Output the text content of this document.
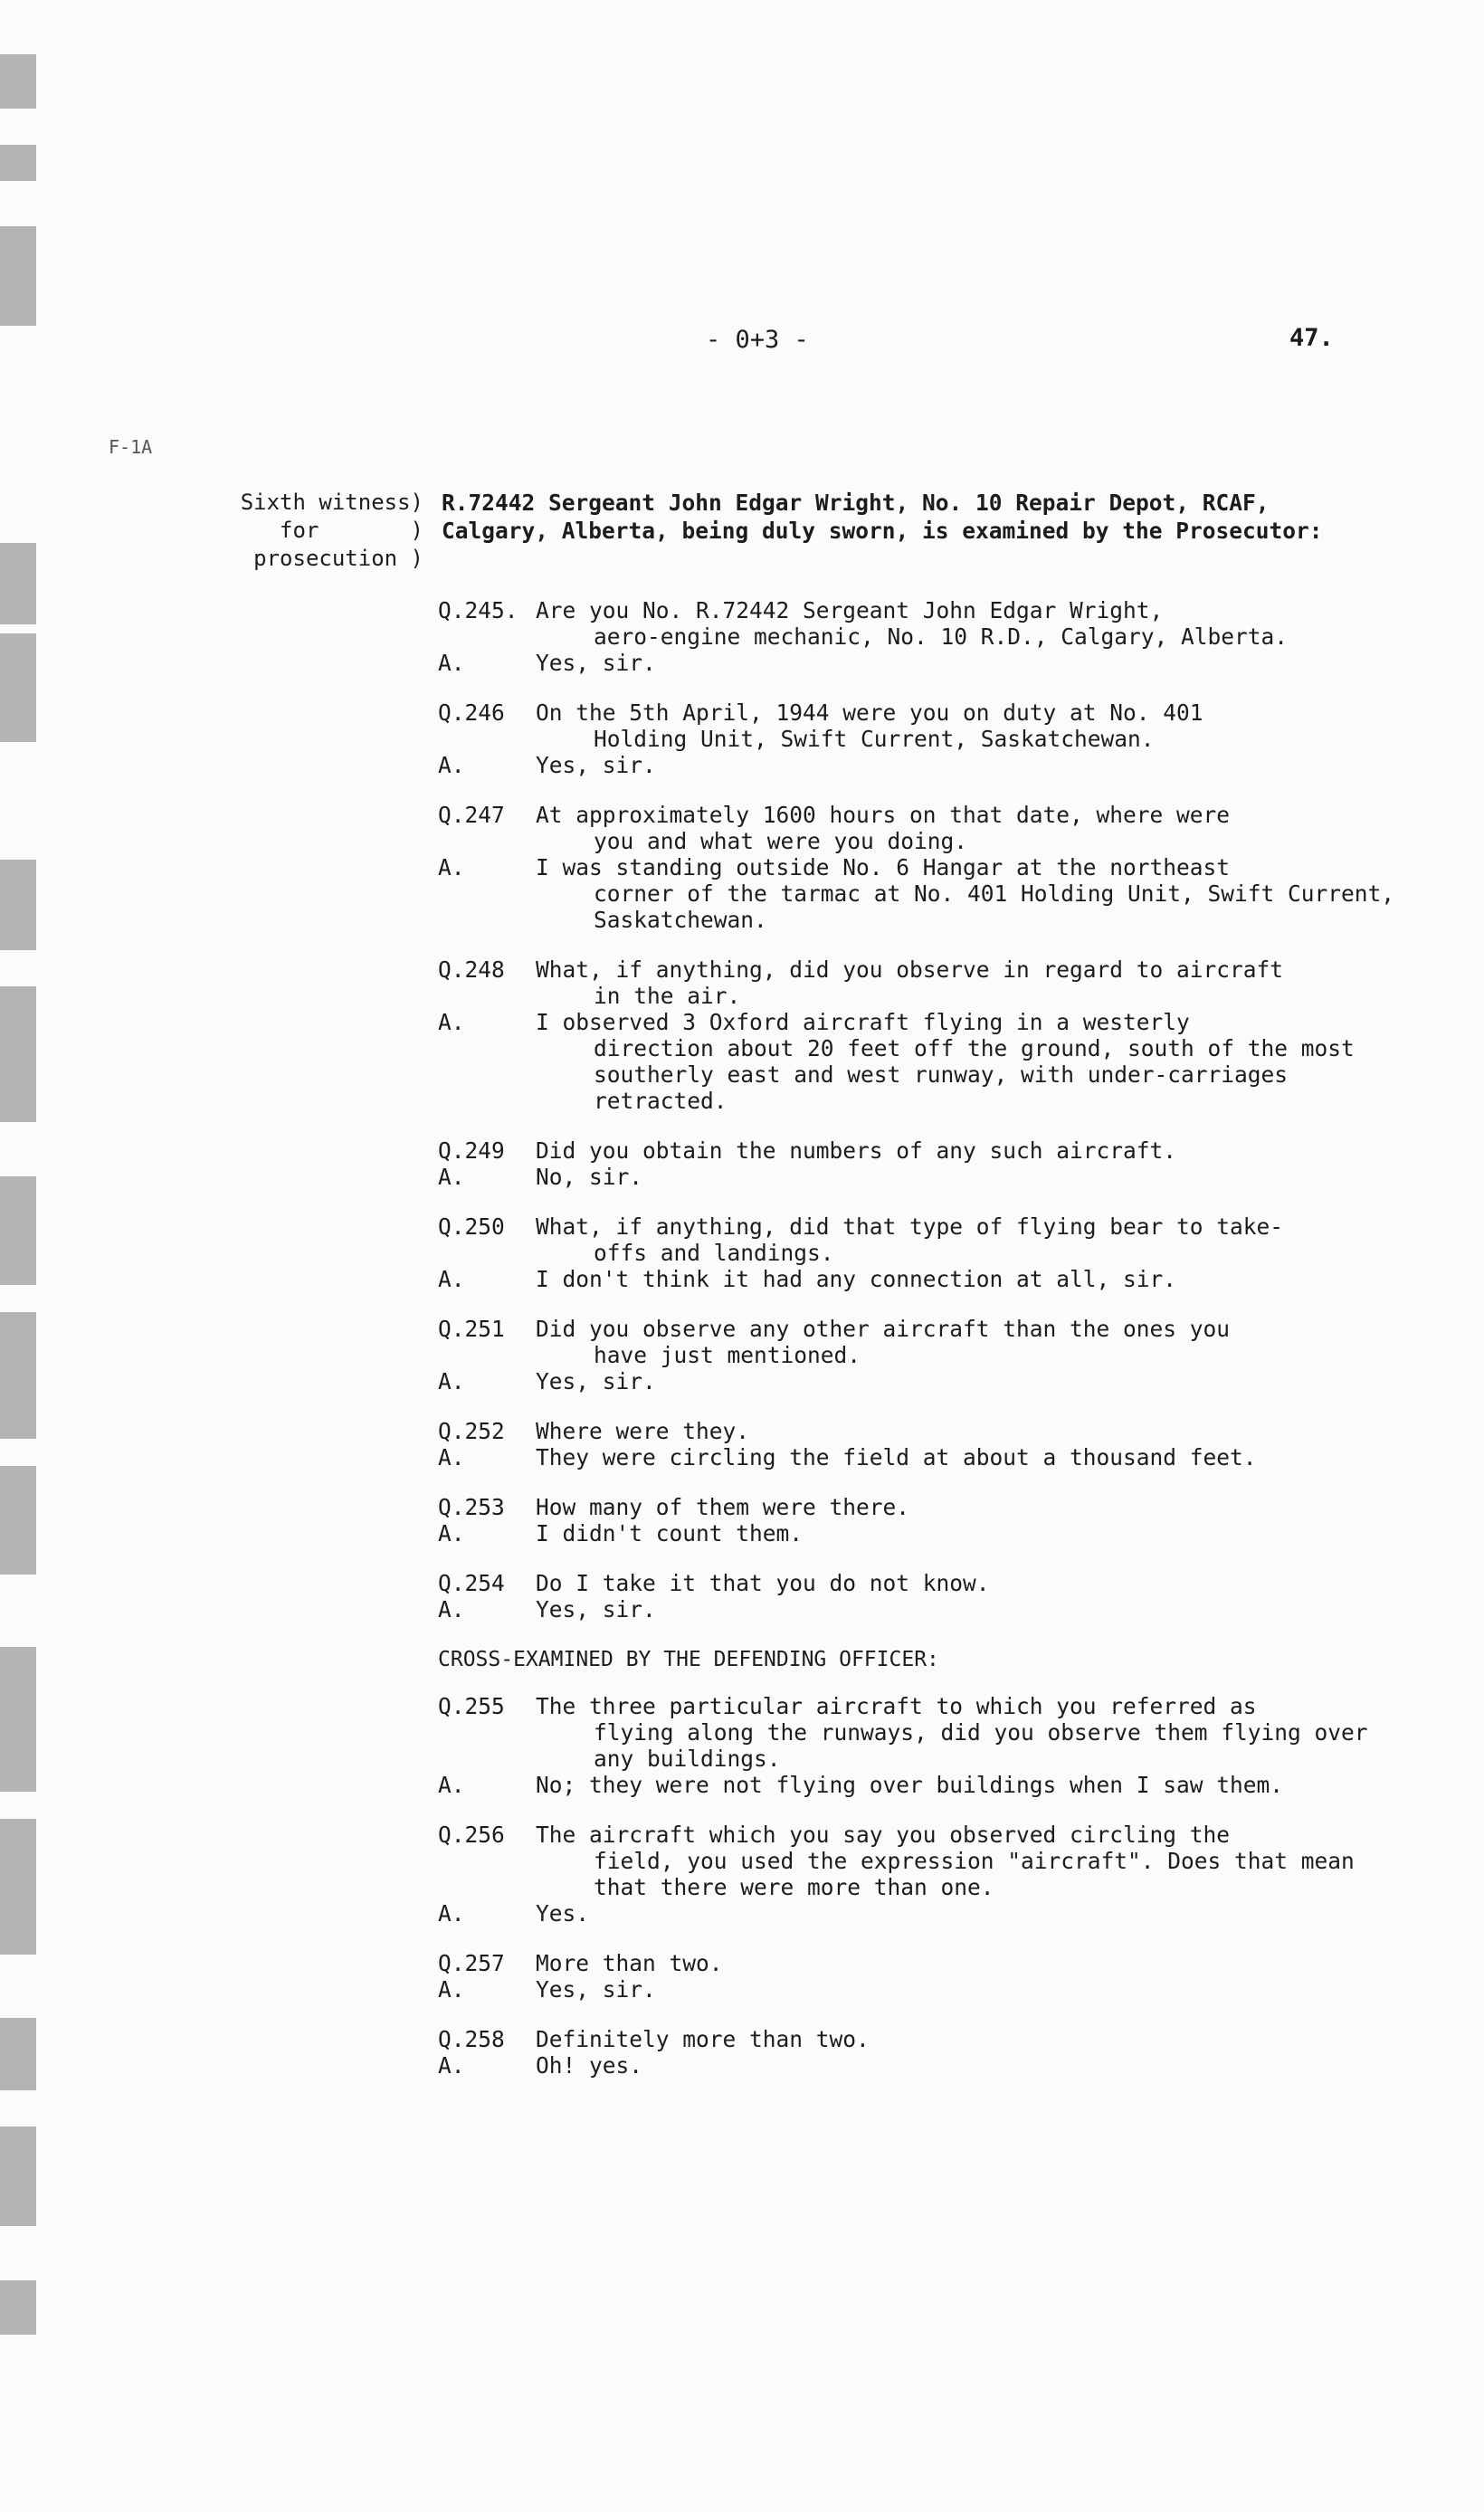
- 0+3 -	47.
F-1A
Sixth witness)
for       )
prosecution )
R.72442 Sergeant John Edgar Wright, No. 10 Repair Depot, RCAF, Calgary, Alberta, being duly sworn, is examined by the Prosecutor:
Q.245. Are you No. R.72442 Sergeant John Edgar Wright,
aero-engine mechanic, No. 10 R.D., Calgary, Alberta.
A.	Yes, sir.
Q.246	On the 5th April, 1944 were you on duty at No. 401
Holding Unit, Swift Current, Saskatchewan.
A.	Yes, sir.
Q.247	At approximately 1600 hours on that date, where were
you and what were you doing.
A.	I was standing outside No. 6 Hangar at the northeast
corner of the tarmac at No. 401 Holding Unit, Swift Current, Saskatchewan.
Q.248	What, if anything, did you observe in regard to aircraft
in the air.
A.	I observed 3 Oxford aircraft flying in a westerly
direction about 20 feet off the ground, south of the most southerly east and west runway, with under-carriages retracted.
Q.249	Did you obtain the numbers of any such aircraft.
A.	No, sir.
Q.250	What, if anything, did that type of flying bear to take-
offs and landings.
A.	I don't think it had any connection at all, sir.
Q.251	Did you observe any other aircraft than the ones you
have just mentioned.
A.	Yes, sir.
Q.252	Where were they.
A.	They were circling the field at about a thousand feet.
Q.253	How many of them were there.
A.	I didn't count them.
Q.254	Do I take it that you do not know.
A.	Yes, sir.
CROSS-EXAMINED BY THE DEFENDING OFFICER:
Q.255	The three particular aircraft to which you referred as
flying along the runways, did you observe them flying over any buildings.
A.	No; they were not flying over buildings when I saw them.
Q.256	The aircraft which you say you observed circling the
field, you used the expression "aircraft". Does that mean that there were more than one.
A.	Yes.
Q.257	More than two.
A.	Yes, sir.
Q.258	Definitely more than two.
A.	Oh! yes.
